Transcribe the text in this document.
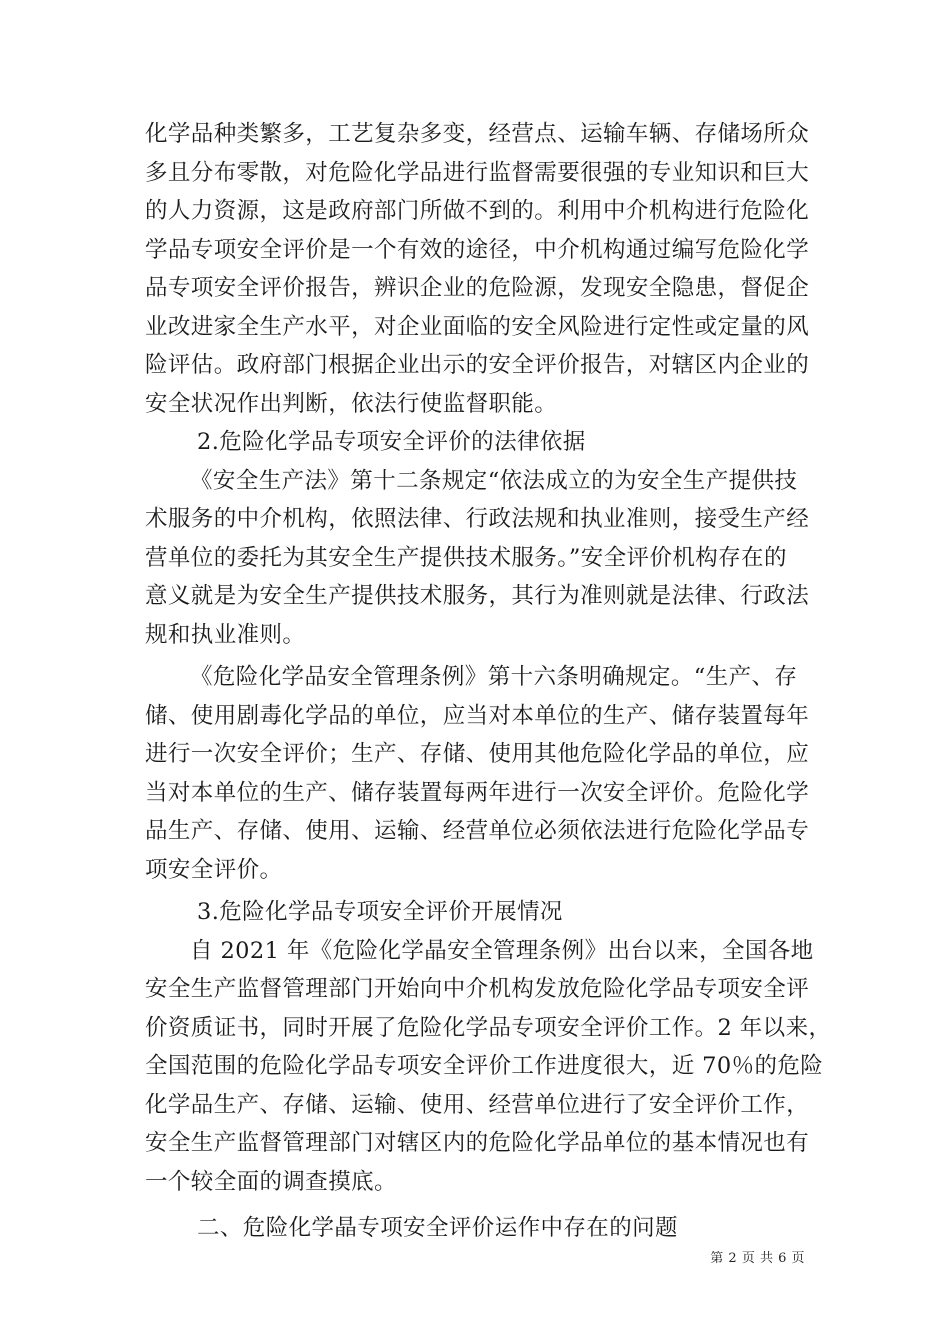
化学品种类繁多，工艺复杂多变，经营点、运输车辆、存储场所众
多且分布零散，对危险化学品进行监督需要很强的专业知识和巨大
的人力资源，这是政府部门所做不到的。利用中介机构进行危险化
学品专项安全评价是一个有效的途径，中介机构通过编写危险化学
品专项安全评价报告，辨识企业的危险源，发现安全隐患，督促企
业改进家全生产水平，对企业面临的安全风险进行定性或定量的风
险评估。政府部门根据企业出示的安全评价报告，对辖区内企业的
安全状况作出判断，依法行使监督职能。

2.危险化学品专项安全评价的法律依据

《安全生产法》第十二条规定“依法成立的为安全生产提供技
术服务的中介机构，依照法律、行政法规和执业准则，接受生产经
营单位的委托为其安全生产提供技术服务。”安全评价机构存在的
意义就是为安全生产提供技术服务，其行为准则就是法律、行政法
规和执业准则。

《危险化学品安全管理条例》第十六条明确规定。“生产、存
储、使用剧毒化学品的单位，应当对本单位的生产、储存装置每年
进行一次安全评价；生产、存储、使用其他危险化学品的单位，应
当对本单位的生产、储存装置每两年进行一次安全评价。危险化学
品生产、存储、使用、运输、经营单位必须依法进行危险化学品专
项安全评价。

3.危险化学品专项安全评价开展情况

自 2021 年《危险化学晶安全管理条例》出台以来，全国各地
安全生产监督管理部门开始向中介机构发放危险化学品专项安全评
价资质证书，同时开展了危险化学品专项安全评价工作。2 年以来，
全国范围的危险化学品专项安全评价工作进度很大，近 70％的危险
化学品生产、存储、运输、使用、经营单位进行了安全评价工作，
安全生产监督管理部门对辖区内的危险化学品单位的基本情况也有
一个较全面的调查摸底。

二、危险化学晶专项安全评价运作中存在的问题

第 2 页 共 6 页
